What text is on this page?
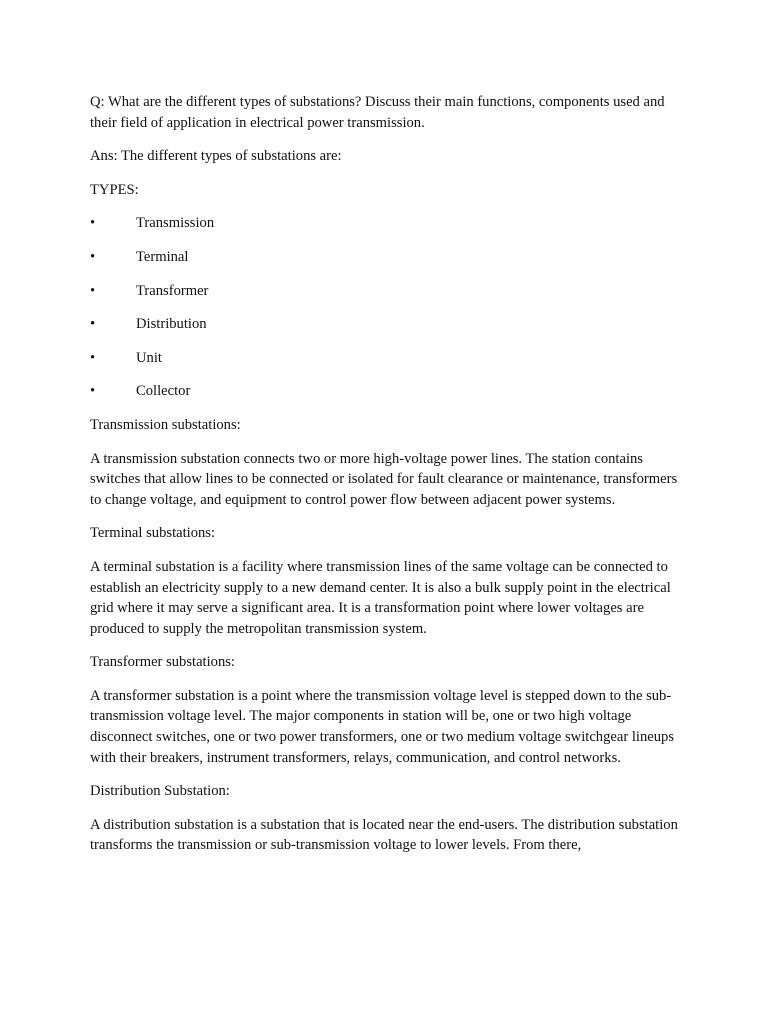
Q: What are the different types of substations? Discuss their main functions, components used and their field of application in electrical power transmission.

Ans: The different types of substations are:

TYPES:

•	Transmission
•	Terminal
•	Transformer
•	Distribution
•	Unit
•	Collector

Transmission substations:

A transmission substation connects two or more high-voltage power lines. The station contains switches that allow lines to be connected or isolated for fault clearance or maintenance, transformers to change voltage, and equipment to control power flow between adjacent power systems.

Terminal substations:

A terminal substation is a facility where transmission lines of the same voltage can be connected to establish an electricity supply to a new demand center. It is also a bulk supply point in the electrical grid where it may serve a significant area. It is a transformation point where lower voltages are produced to supply the metropolitan transmission system.

Transformer substations:

A transformer substation is a point where the transmission voltage level is stepped down to the sub-transmission voltage level. The major components in station will be, one or two high voltage disconnect switches, one or two power transformers, one or two medium voltage switchgear lineups with their breakers, instrument transformers, relays, communication, and control networks.

Distribution Substation:

A distribution substation is a substation that is located near the end-users. The distribution substation transforms the transmission or sub-transmission voltage to lower levels. From there,
